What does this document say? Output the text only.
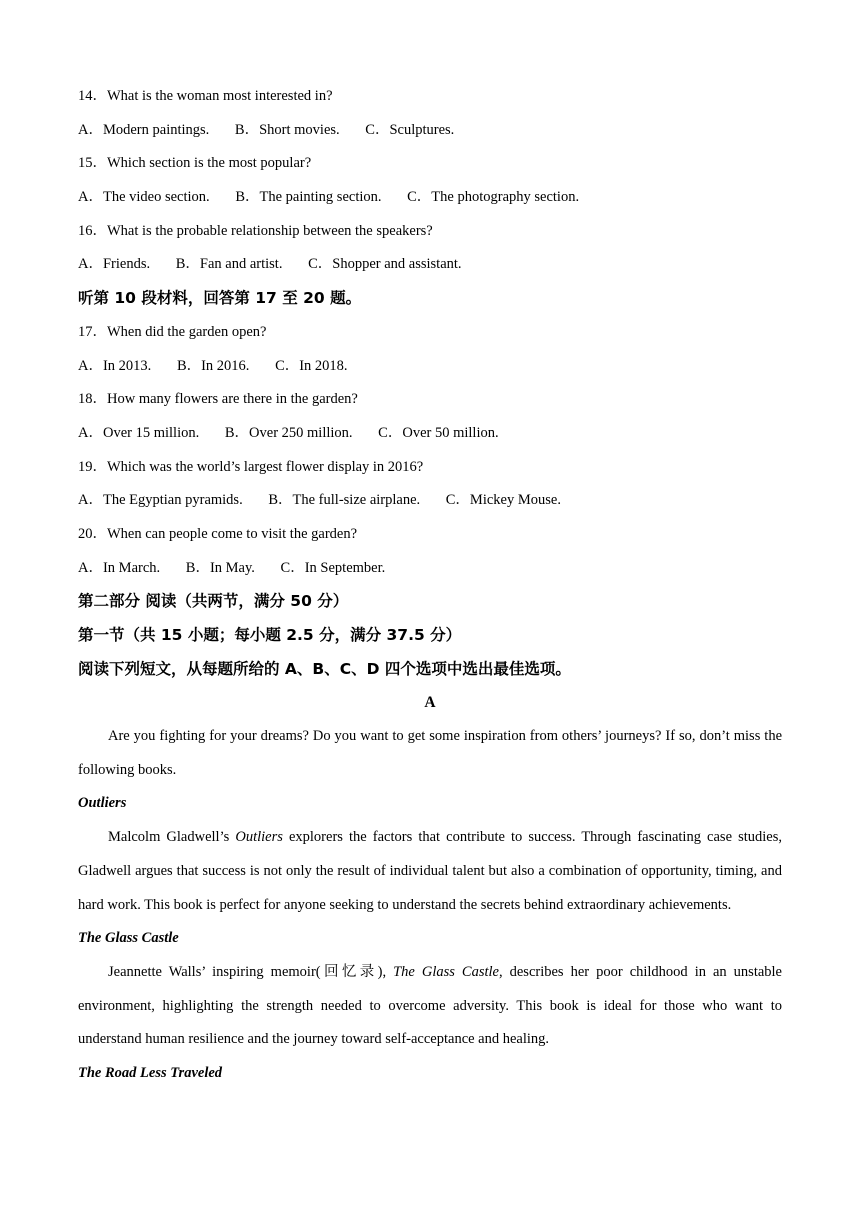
14．What is the woman most interested in?
A．Modern paintings. B．Short movies. C．Sculptures.
15．Which section is the most popular?
A．The video section. B．The painting section. C．The photography section.
16．What is the probable relationship between the speakers?
A．Friends. B．Fan and artist. C．Shopper and assistant.
听第 10 段材料，回答第 17 至 20 题。
17．When did the garden open?
A．In 2013. B．In 2016. C．In 2018.
18．How many flowers are there in the garden?
A．Over 15 million. B．Over 250 million. C．Over 50 million.
19．Which was the world’s largest flower display in 2016?
A．The Egyptian pyramids. B．The full-size airplane. C．Mickey Mouse.
20．When can people come to visit the garden?
A．In March. B．In May. C．In September.
第二部分 阅读（共两节，满分 50 分）
第一节（共 15 小题；每小题 2.5 分，满分 37.5 分）
阅读下列短文，从每题所给的 A、B、C、D 四个选项中选出最佳选项。
A

Are you fighting for your dreams? Do you want to get some inspiration from others’ journeys? If so, don’t miss the following books.

Outliers

Malcolm Gladwell’s Outliers explorers the factors that contribute to success. Through fascinating case studies, Gladwell argues that success is not only the result of individual talent but also a combination of opportunity, timing, and hard work. This book is perfect for anyone seeking to understand the secrets behind extraordinary achievements.

The Glass Castle

Jeannette Walls’ inspiring memoir(回忆录), The Glass Castle, describes her poor childhood in an unstable environment, highlighting the strength needed to overcome adversity. This book is ideal for those who want to understand human resilience and the journey toward self-acceptance and healing.

The Road Less Traveled
